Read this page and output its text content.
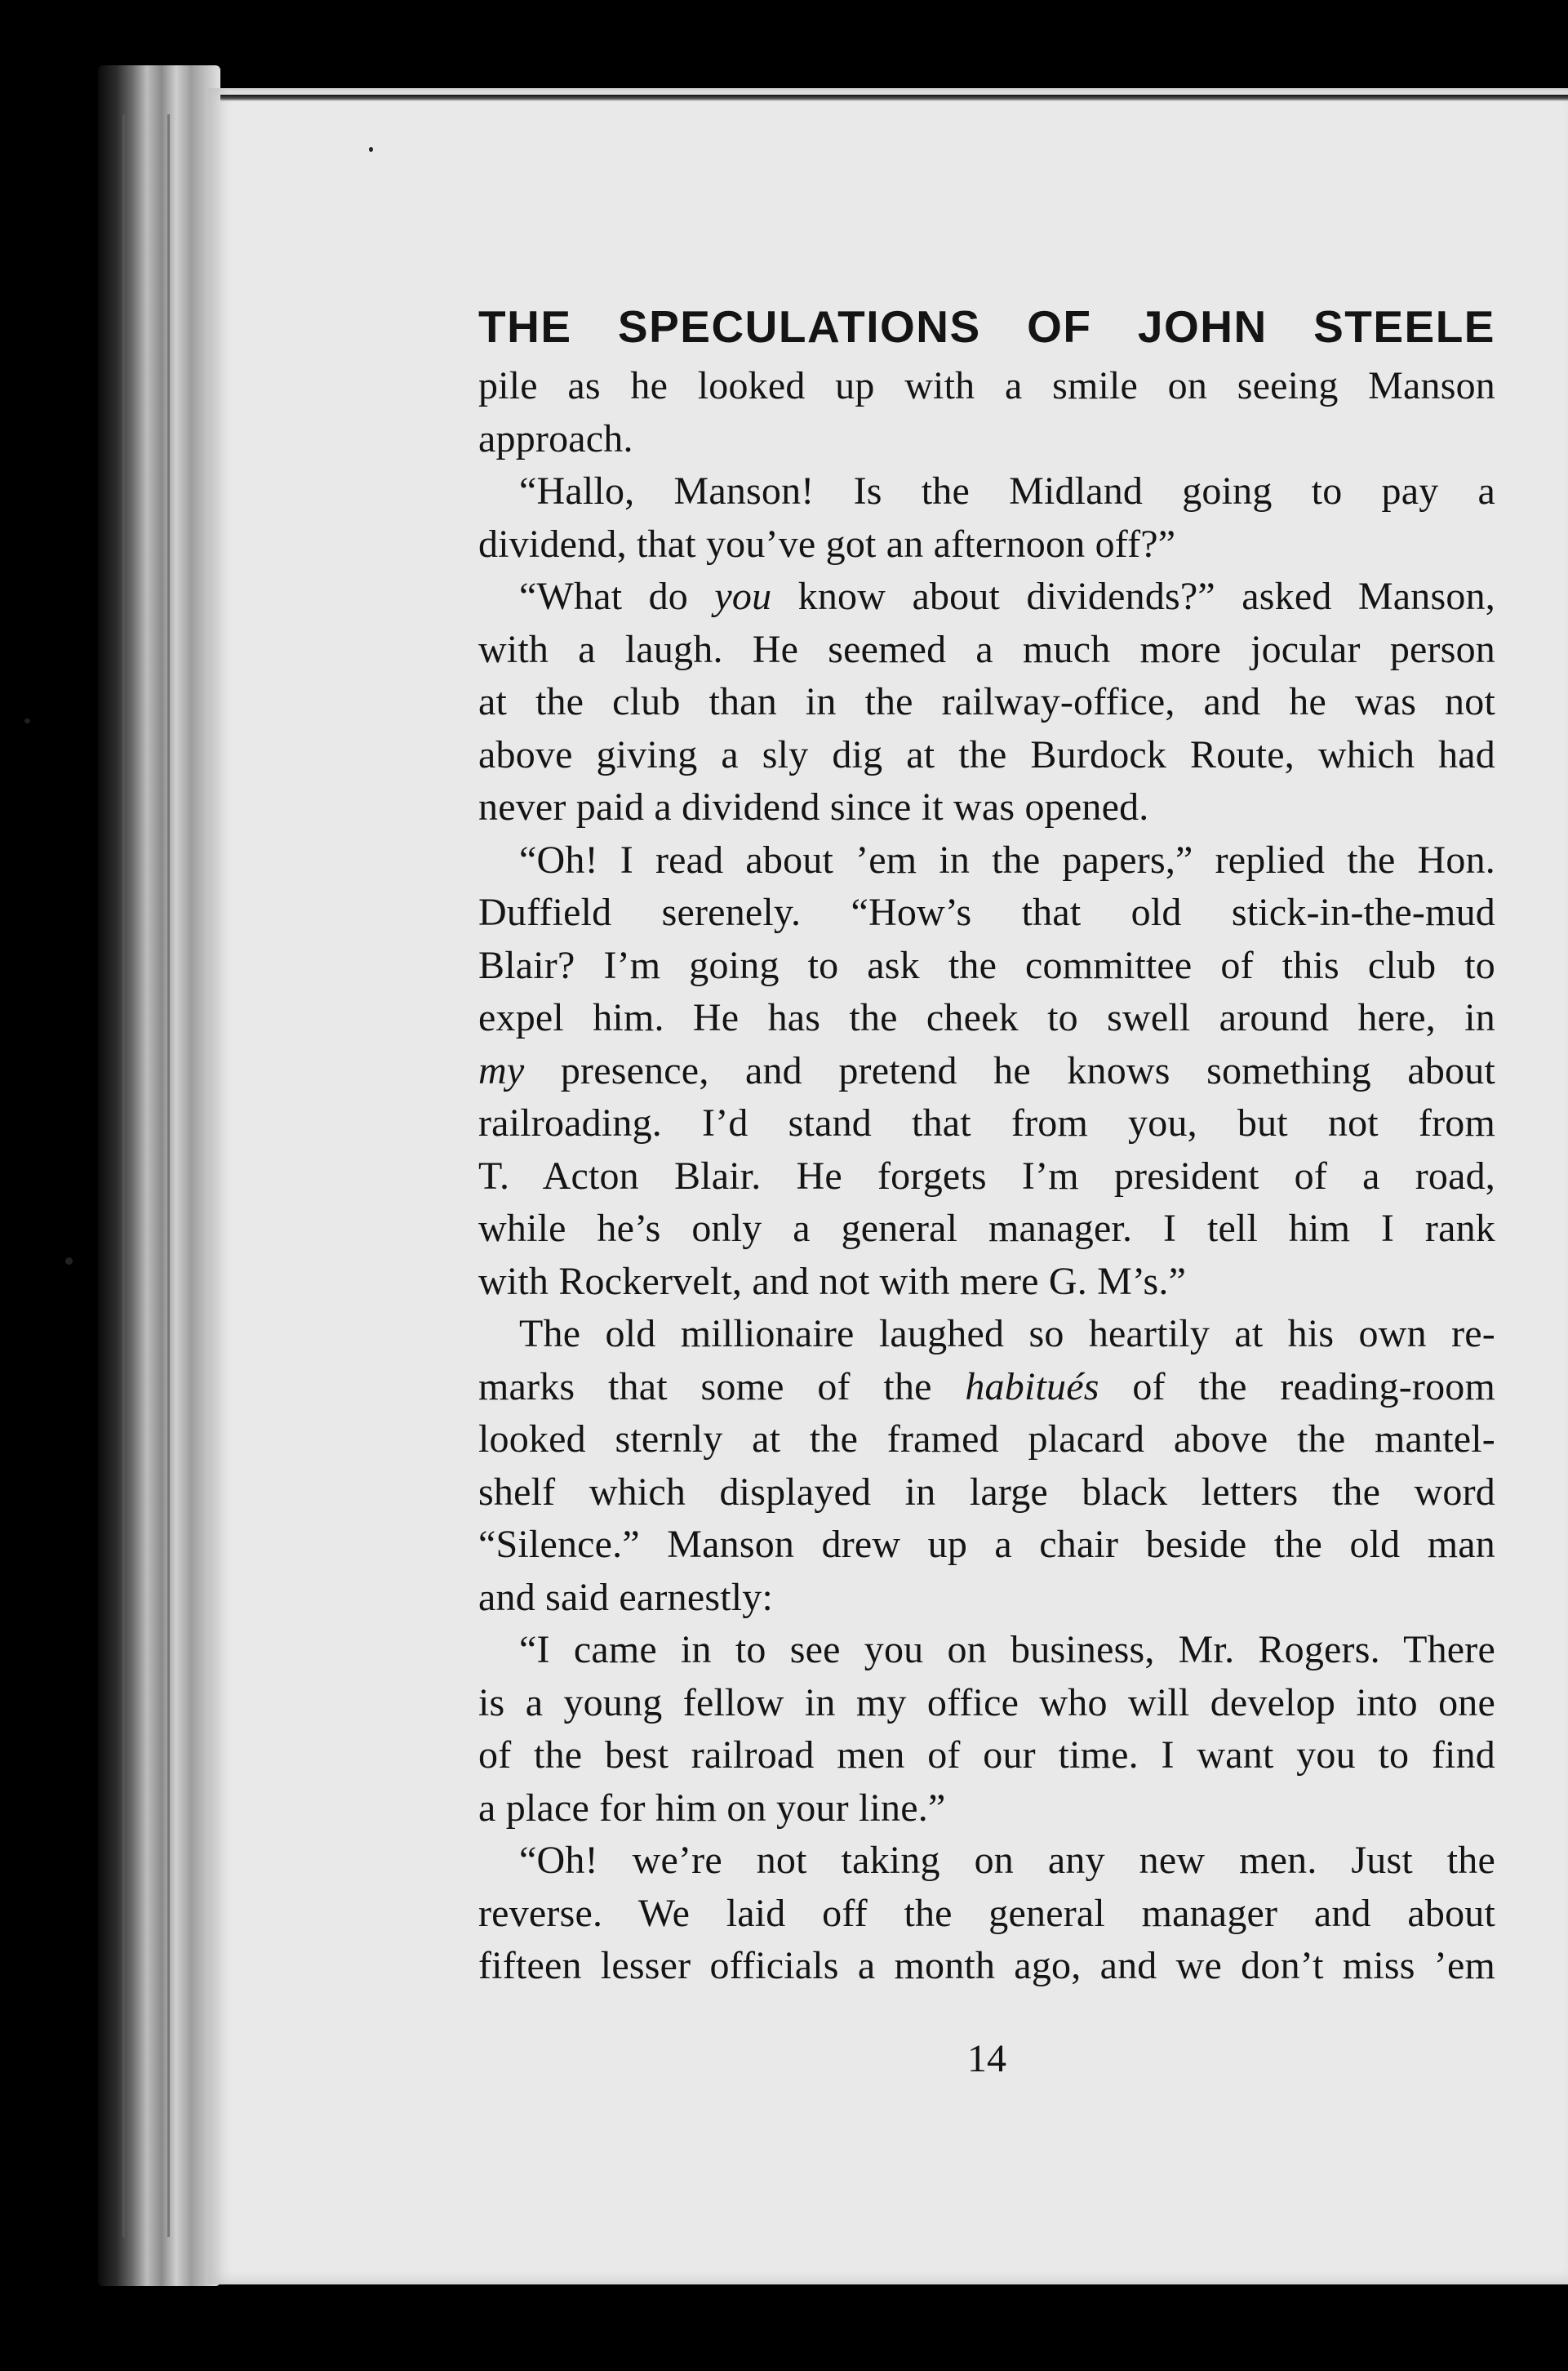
THE SPECULATIONS OF JOHN STEELE
pile as he looked up with a smile on seeing Manson
approach.
“Hallo, Manson! Is the Midland going to pay a
dividend, that you’ve got an afternoon off?”
“What do you know about dividends?” asked Manson,
with a laugh. He seemed a much more jocular person
at the club than in the railway-office, and he was not
above giving a sly dig at the Burdock Route, which had
never paid a dividend since it was opened.
“Oh! I read about ’em in the papers,” replied the Hon.
Duffield serenely. “How’s that old stick-in-the-mud
Blair? I’m going to ask the committee of this club to
expel him. He has the cheek to swell around here, in
my presence, and pretend he knows something about
railroading. I’d stand that from you, but not from
T. Acton Blair. He forgets I’m president of a road,
while he’s only a general manager. I tell him I rank
with Rockervelt, and not with mere G. M’s.”
The old millionaire laughed so heartily at his own re-
marks that some of the habitués of the reading-room
looked sternly at the framed placard above the mantel-
shelf which displayed in large black letters the word
“Silence.” Manson drew up a chair beside the old man
and said earnestly:
“I came in to see you on business, Mr. Rogers. There
is a young fellow in my office who will develop into one
of the best railroad men of our time. I want you to find
a place for him on your line.”
“Oh! we’re not taking on any new men. Just the
reverse. We laid off the general manager and about
fifteen lesser officials a month ago, and we don’t miss ’em
14
